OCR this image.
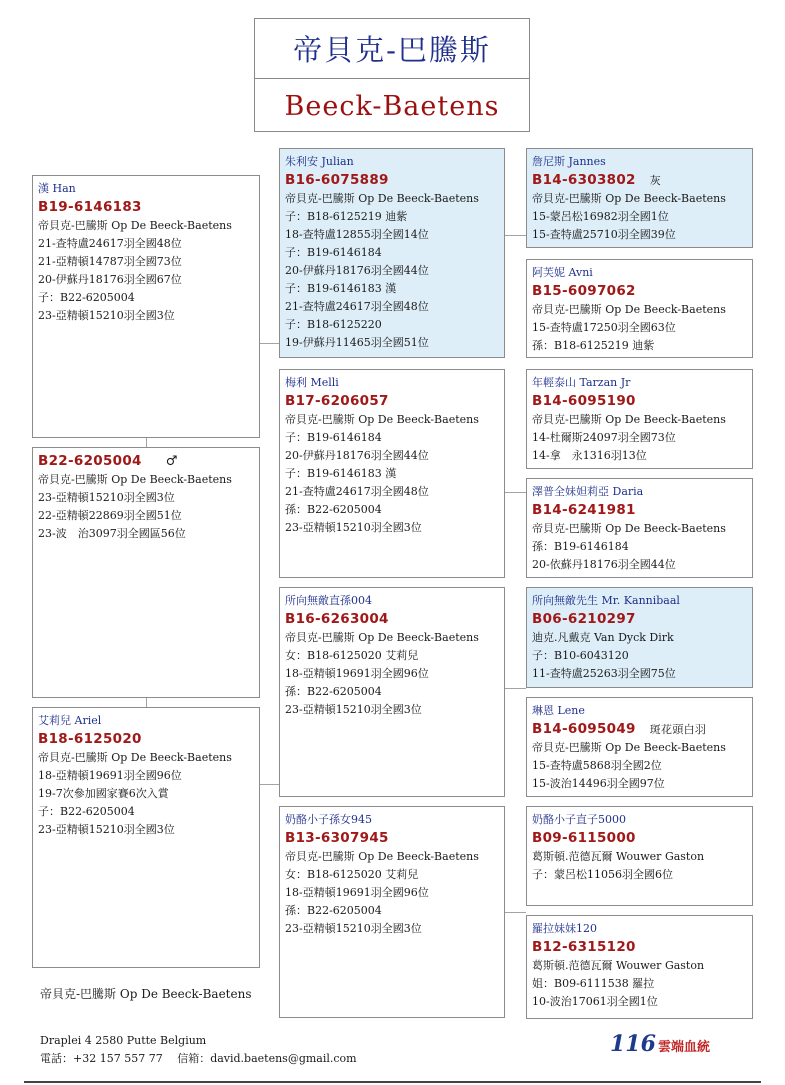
帝貝克-巴騰斯
Beeck-Baetens
漢 Han
B19-6146183
帝貝克-巴騰斯 Op De Beeck-Baetens
21-查特盧24617羽全國48位
21-亞精頓14787羽全國73位
20-伊蘇丹18176羽全國67位
子：B22-6205004
23-亞精頓15210羽全國3位
B22-6205004 ♂
帝貝克-巴騰斯 Op De Beeck-Baetens
23-亞精頓15210羽全國3位
22-亞精頓22869羽全國51位
23-波　治3097羽全國區56位
艾莉兒 Ariel
B18-6125020
帝貝克-巴騰斯 Op De Beeck-Baetens
18-亞精頓19691羽全國96位
19-7次參加國家賽6次入賞
子：B22-6205004
23-亞精頓15210羽全國3位
朱利安 Julian
B16-6075889
帝貝克-巴騰斯 Op De Beeck-Baetens
子：B18-6125219 迪紫
18-查特盧12855羽全國14位
子：B19-6146184
20-伊蘇丹18176羽全國44位
子：B19-6146183 漢
21-查特盧24617羽全國48位
子：B18-6125220
19-伊蘇丹11465羽全國51位
梅利 Melli
B17-6206057
帝貝克-巴騰斯 Op De Beeck-Baetens
子：B19-6146184
20-伊蘇丹18176羽全國44位
子：B19-6146183 漢
21-查特盧24617羽全國48位
孫：B22-6205004
23-亞精頓15210羽全國3位
所向無敵直孫004
B16-6263004
帝貝克-巴騰斯 Op De Beeck-Baetens
女：B18-6125020 艾莉兒
18-亞精頓19691羽全國96位
孫：B22-6205004
23-亞精頓15210羽全國3位
奶酪小子孫女945
B13-6307945
帝貝克-巴騰斯 Op De Beeck-Baetens
女：B18-6125020 艾莉兒
18-亞精頓19691羽全國96位
孫：B22-6205004
23-亞精頓15210羽全國3位
詹尼斯 Jannes
B14-6303802 灰
帝貝克-巴騰斯 Op De Beeck-Baetens
15-蒙呂松16982羽全國1位
15-查特盧25710羽全國39位
阿芙妮 Avni
B15-6097062
帝貝克-巴騰斯 Op De Beeck-Baetens
15-查特盧17250羽全國63位
孫：B18-6125219 迪紫
年輕泰山 Tarzan Jr
B14-6095190
帝貝克-巴騰斯 Op De Beeck-Baetens
14-杜爾斯24097羽全國73位
14-拿　永1316羽13位
澤普全妹妲莉亞 Daria
B14-6241981
帝貝克-巴騰斯 Op De Beeck-Baetens
孫：B19-6146184
20-依蘇丹18176羽全國44位
所向無敵先生 Mr. Kannibaal
B06-6210297
迪克.凡戴克 Van Dyck Dirk
子：B10-6043120
11-查特盧25263羽全國75位
琳恩 Lene
B14-6095049 斑花頭白羽
帝貝克-巴騰斯 Op De Beeck-Baetens
15-查特盧5868羽全國2位
15-波治14496羽全國97位
奶酪小子直子5000
B09-6115000
葛斯頓.范德瓦爾 Wouwer Gaston
子：蒙呂松11056羽全國6位
羅拉妹妹120
B12-6315120
葛斯頓.范德瓦爾 Wouwer Gaston
姐：B09-6111538 羅拉
10-波治17061羽全國1位
帝貝克-巴騰斯 Op De Beeck-Baetens
Draplei 4 2580 Putte Belgium
電話：+32 157 557 77　 信箱：david.baetens@gmail.com
116 雲端血統
